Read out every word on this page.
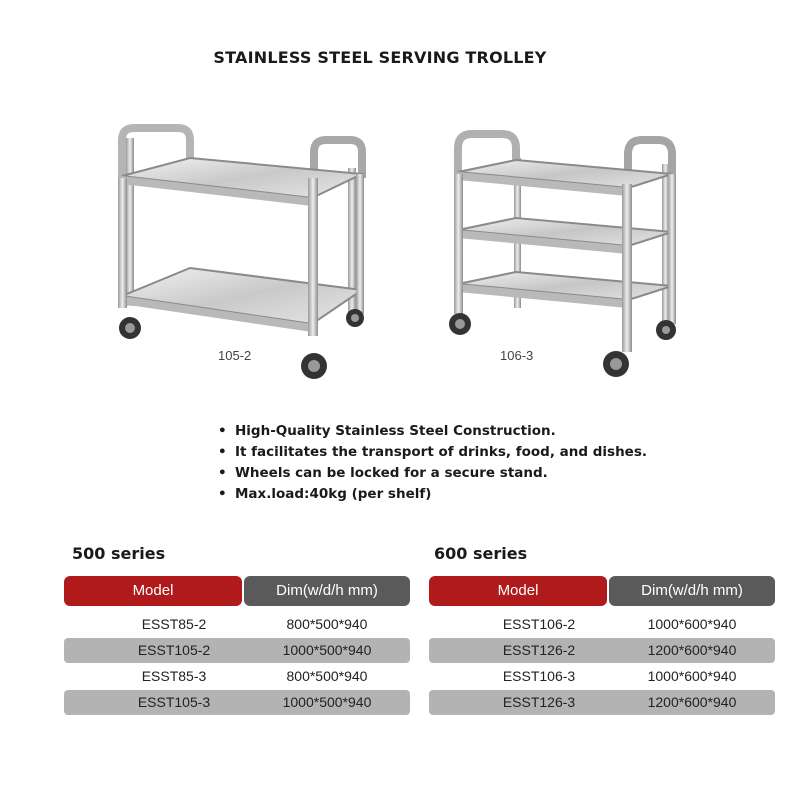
STAINLESS STEEL SERVING TROLLEY
105-2	106-3
• High-Quality Stainless Steel Construction.
• It facilitates the transport of drinks, food, and dishes.
• Wheels can be locked for a secure stand.
• Max.load:40kg (per shelf)
500 series
Model	Dim(w/d/h mm)
ESST85-2	800*500*940
ESST105-2	1000*500*940
ESST85-3	800*500*940
ESST105-3	1000*500*940
600 series
Model	Dim(w/d/h mm)
ESST106-2	1000*600*940
ESST126-2	1200*600*940
ESST106-3	1000*600*940
ESST126-3	1200*600*940
